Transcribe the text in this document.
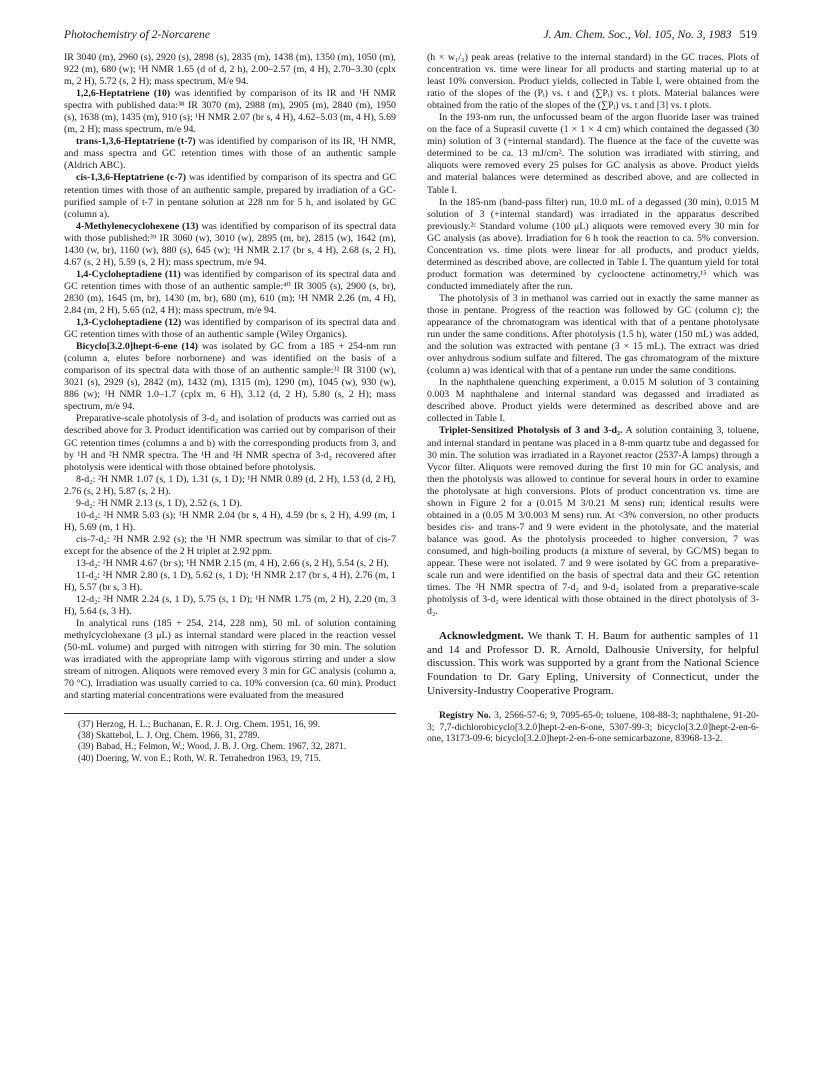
Photochemistry of 2-Norcarene	J. Am. Chem. Soc., Vol. 105, No. 3, 1983 519

IR 3040 (m), 2960 (s), 2920 (s), 2898 (s), 2835 (m), 1438 (m), 1350 (m), 1050 (m), 922 (m), 680 (w); ¹H NMR 1.65 (d of d, 2 h), 2.00–2.57 (m, 4 H), 2.70–3.30 (cplx m, 2 H), 5.72 (s, 2 H); mass spectrum, M/e 94.

1,2,6-Heptatriene (10) was identified by comparison of its IR and ¹H NMR spectra with published data:³⁸ IR 3070 (m), 2988 (m), 2905 (m), 2840 (m), 1950 (s), 1638 (m), 1435 (m), 910 (s); ¹H NMR 2.07 (br s, 4 H), 4.62–5.03 (m, 4 H), 5.69 (m, 2 H); mass spectrum, m/e 94.

trans-1,3,6-Heptatriene (t-7) was identified by comparison of its IR, ¹H NMR, and mass spectra and GC retention times with those of an authentic sample (Aldrich ABC).

cis-1,3,6-Heptatriene (c-7) was identified by comparison of its spectra and GC retention times with those of an authentic sample, prepared by irradiation of a GC-purified sample of t-7 in pentane solution at 228 nm for 5 h, and isolated by GC (column a).

4-Methylenecyclohexene (13) was identified by comparison of its spectral data with those published:³⁹ IR 3060 (w), 3010 (w), 2895 (m, br), 2815 (w), 1642 (m), 1430 (w, br), 1160 (w), 880 (s), 645 (w); ¹H NMR 2.17 (br s, 4 H), 2.68 (s, 2 H), 4.67 (s, 2 H), 5.59 (s, 2 H); mass spectrum, m/e 94.

1,4-Cycloheptadiene (11) was identified by comparison of its spectral data and GC retention times with those of an authentic sample:⁴⁰ IR 3005 (s), 2900 (s, br), 2830 (m), 1645 (m, br), 1430 (m, br), 680 (m), 610 (m); ¹H NMR 2.26 (m, 4 H), 2.84 (m, 2 H), 5.65 (n2, 4 H); mass spectrum, m/e 94.

1,3-Cycloheptadiene (12) was identified by comparison of its spectral data and GC retention times with those of an authentic sample (Wiley Organics).

Bicyclo[3.2.0]hept-6-ene (14) was isolated by GC from a 185 + 254-nm run (column a, elutes before norbornene) and was identified on the basis of a comparison of its spectral data with those of an authentic sample:³² IR 3100 (w), 3021 (s), 2929 (s), 2842 (m), 1432 (m), 1315 (m), 1290 (m), 1045 (w), 930 (w), 886 (w); ¹H NMR 1.0–1.7 (cplx m, 6 H), 3.12 (d, 2 H), 5.80 (s, 2 H); mass spectrum, m/e 94.

Preparative-scale photolysis of 3-d₂ and isolation of products was carried out as described above for 3. Product identification was carried out by comparison of their GC retention times (columns a and b) with the corresponding products from 3, and by ¹H and ²H NMR spectra. The ¹H and ²H NMR spectra of 3-d₂ recovered after photolysis were identical with those obtained before photolysis.

8-d₂: ²H NMR 1.07 (s, 1 D), 1.31 (s, 1 D); ¹H NMR 0.89 (d, 2 H), 1.53 (d, 2 H), 2.76 (s, 2 H), 5.87 (s, 2 H).

9-d₂: ²H NMR 2.13 (s, 1 D), 2.52 (s, 1 D).

10-d₂: ²H NMR 5.03 (s); ¹H NMR 2.04 (br s, 4 H), 4.59 (br s, 2 H), 4.99 (m, 1 H), 5.69 (m, 1 H).

cis-7-d₂: ²H NMR 2.92 (s); the ¹H NMR spectrum was similar to that of cis-7 except for the absence of the 2 H triplet at 2.92 ppm.

13-d₂: ²H NMR 4.67 (br s); ¹H NMR 2.15 (m, 4 H), 2.66 (s, 2 H), 5.54 (s, 2 H).

11-d₂: ²H NMR 2.80 (s, 1 D), 5.62 (s, 1 D); ¹H NMR 2.17 (br s, 4 H), 2.76 (m, 1 H), 5.57 (br s, 3 H).

12-d₂: ²H NMR 2.24 (s, 1 D), 5.75 (s, 1 D); ¹H NMR 1.75 (m, 2 H), 2.20 (m, 3 H), 5.64 (s, 3 H).

In analytical runs (185 + 254, 214, 228 nm), 50 mL of solution containing methylcyclohexane (3 μL) as internal standard were placed in the reaction vessel (50-mL volume) and purged with nitrogen with stirring for 30 min. The solution was irradiated with the appropriate lamp with vigorous stirring and under a slow stream of nitrogen. Aliquots were removed every 3 min for GC analysis (column a, 70 °C). Irradiation was usually carried to ca. 10% conversion (ca. 60 min). Product and starting material concentrations were evaluated from the measured

(37) Herzog, H. L.; Buchanan, E. R. J. Org. Chem. 1951, 16, 99.

(38) Skattebol, L. J. Org. Chem. 1966, 31, 2789.

(39) Babad, H.; Felmon, W.; Wood, J. B. J. Org. Chem. 1967, 32, 2871.

(40) Doering, W. von E.; Roth, W. R. Tetrahedron 1963, 19, 715.

(h × w₁/₂) peak areas (relative to the internal standard) in the GC traces. Plots of concentration vs. time were linear for all products and starting material up to at least 10% conversion. Product yields, collected in Table I, were obtained from the ratio of the slopes of the (Pᵢ) vs. t and (∑Pᵢ) vs. t plots. Material balances were obtained from the ratio of the slopes of the (∑Pᵢ) vs. t and [3] vs. t plots.

In the 193-nm run, the unfocussed beam of the argon fluoride laser was trained on the face of a Suprasil cuvette (1 × 1 × 4 cm) which contained the degassed (30 min) solution of 3 (+internal standard). The fluence at the face of the cuvette was determined to be ca. 13 mJ/cm². The solution was irradiated with stirring, and aliquots were removed every 25 pulses for GC analysis as above. Product yields and material balances were determined as described above, and are collected in Table I.

In the 185-nm (band-pass filter) run, 10.0 mL of a degassed (30 min), 0.015 M solution of 3 (+internal standard) was irradiated in the apparatus described previously.²ᶜ Standard volume (100 μL) aliquots were removed every 30 min for GC analysis (as above). Irradiation for 6 h took the reaction to ca. 5% conversion. Concentration vs. time plots were linear for all products, and product yields, determined as described above, are collected in Table I. The quantum yield for total product formation was determined by cyclooctene actinometry,¹⁵ which was conducted immediately after the run.

The photolysis of 3 in methanol was carried out in exactly the same manner as those in pentane. Progress of the reaction was followed by GC (column c); the appearance of the chromatogram was identical with that of a pentane photolysate run under the same conditions. After photolysis (1.5 h), water (150 mL) was added, and the solution was extracted with pentane (3 × 15 mL). The extract was dried over anhydrous sodium sulfate and filtered. The gas chromatogram of the mixture (column a) was identical with that of a pentane run under the same conditions.

In the naphthalene quenching experiment, a 0.015 M solution of 3 containing 0.003 M naphthalene and internal standard was degassed and irradiated as described above. Product yields were determined as described above and are collected in Table I.

Triplet-Sensitized Photolysis of 3 and 3-d₂. A solution containing 3, toluene, and internal standard in pentane was placed in a 8-mm quartz tube and degassed for 30 min. The solution was irradiated in a Rayonet reactor (2537-Å lamps) through a Vycor filter. Aliquots were removed during the first 10 min for GC analysis, and then the photolysis was allowed to continue for several hours in order to examine the photolysate at high conversions. Plots of product concentration vs. time are shown in Figure 2 for a (0.015 M 3/0.21 M sens) run; identical results were obtained in a (0.05 M 3/0.003 M sens) run. At <3% conversion, no other products besides cis- and trans-7 and 9 were evident in the photolysate, and the material balance was good. As the photolysis proceeded to higher conversion, 7 was consumed, and high-boiling products (a mixture of several, by GC/MS) began to appear. These were not isolated. 7 and 9 were isolated by GC from a preparative-scale run and were identified on the basis of spectral data and their GC retention times. The ²H NMR spectra of 7-d₂ and 9-d₂ isolated from a preparative-scale photolysis of 3-d₂ were identical with those obtained in the direct photolysis of 3-d₂.

Acknowledgment. We thank T. H. Baum for authentic samples of 11 and 14 and Professor D. R. Arnold, Dalhousie University, for helpful discussion. This work was supported by a grant from the National Science Foundation to Dr. Gary Epling, University of Connecticut, under the University-Industry Cooperative Program.

Registry No. 3, 2566-57-6; 9, 7095-65-0; toluene, 108-88-3; naphthalene, 91-20-3; 7,7-dichlorobicyclo[3.2.0]hept-2-en-6-one, 5307-99-3; bicyclo[3.2.0]hept-2-en-6-one, 13173-09-6; bicyclo[3.2.0]hept-2-en-6-one semicarbazone, 83968-13-2.
